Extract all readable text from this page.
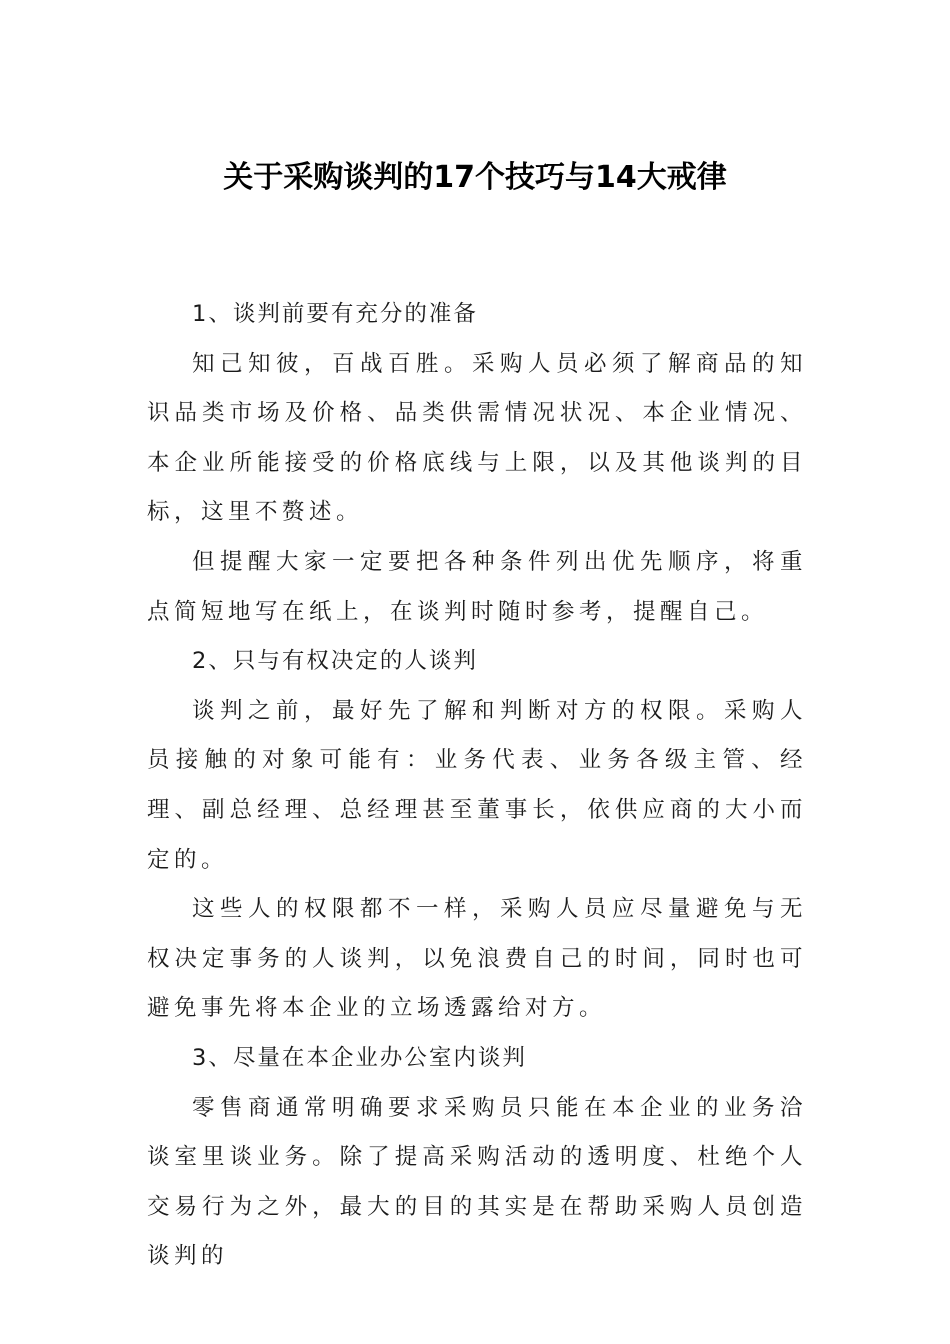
关于采购谈判的17个技巧与14大戒律

1、谈判前要有充分的准备

知己知彼，百战百胜。采购人员必须了解商品的知识品类市场及价格、品类供需情况状况、本企业情况、本企业所能接受的价格底线与上限，以及其他谈判的目标，这里不赘述。

但提醒大家一定要把各种条件列出优先顺序，将重点简短地写在纸上，在谈判时随时参考，提醒自己。

2、只与有权决定的人谈判

谈判之前，最好先了解和判断对方的权限。采购人员接触的对象可能有：业务代表、业务各级主管、经理、副总经理、总经理甚至董事长，依供应商的大小而定的。

这些人的权限都不一样，采购人员应尽量避免与无权决定事务的人谈判，以免浪费自己的时间，同时也可避免事先将本企业的立场透露给对方。

3、尽量在本企业办公室内谈判

零售商通常明确要求采购员只能在本企业的业务洽谈室里谈业务。除了提高采购活动的透明度、杜绝个人交易行为之外，最大的目的其实是在帮助采购人员创造谈判的
